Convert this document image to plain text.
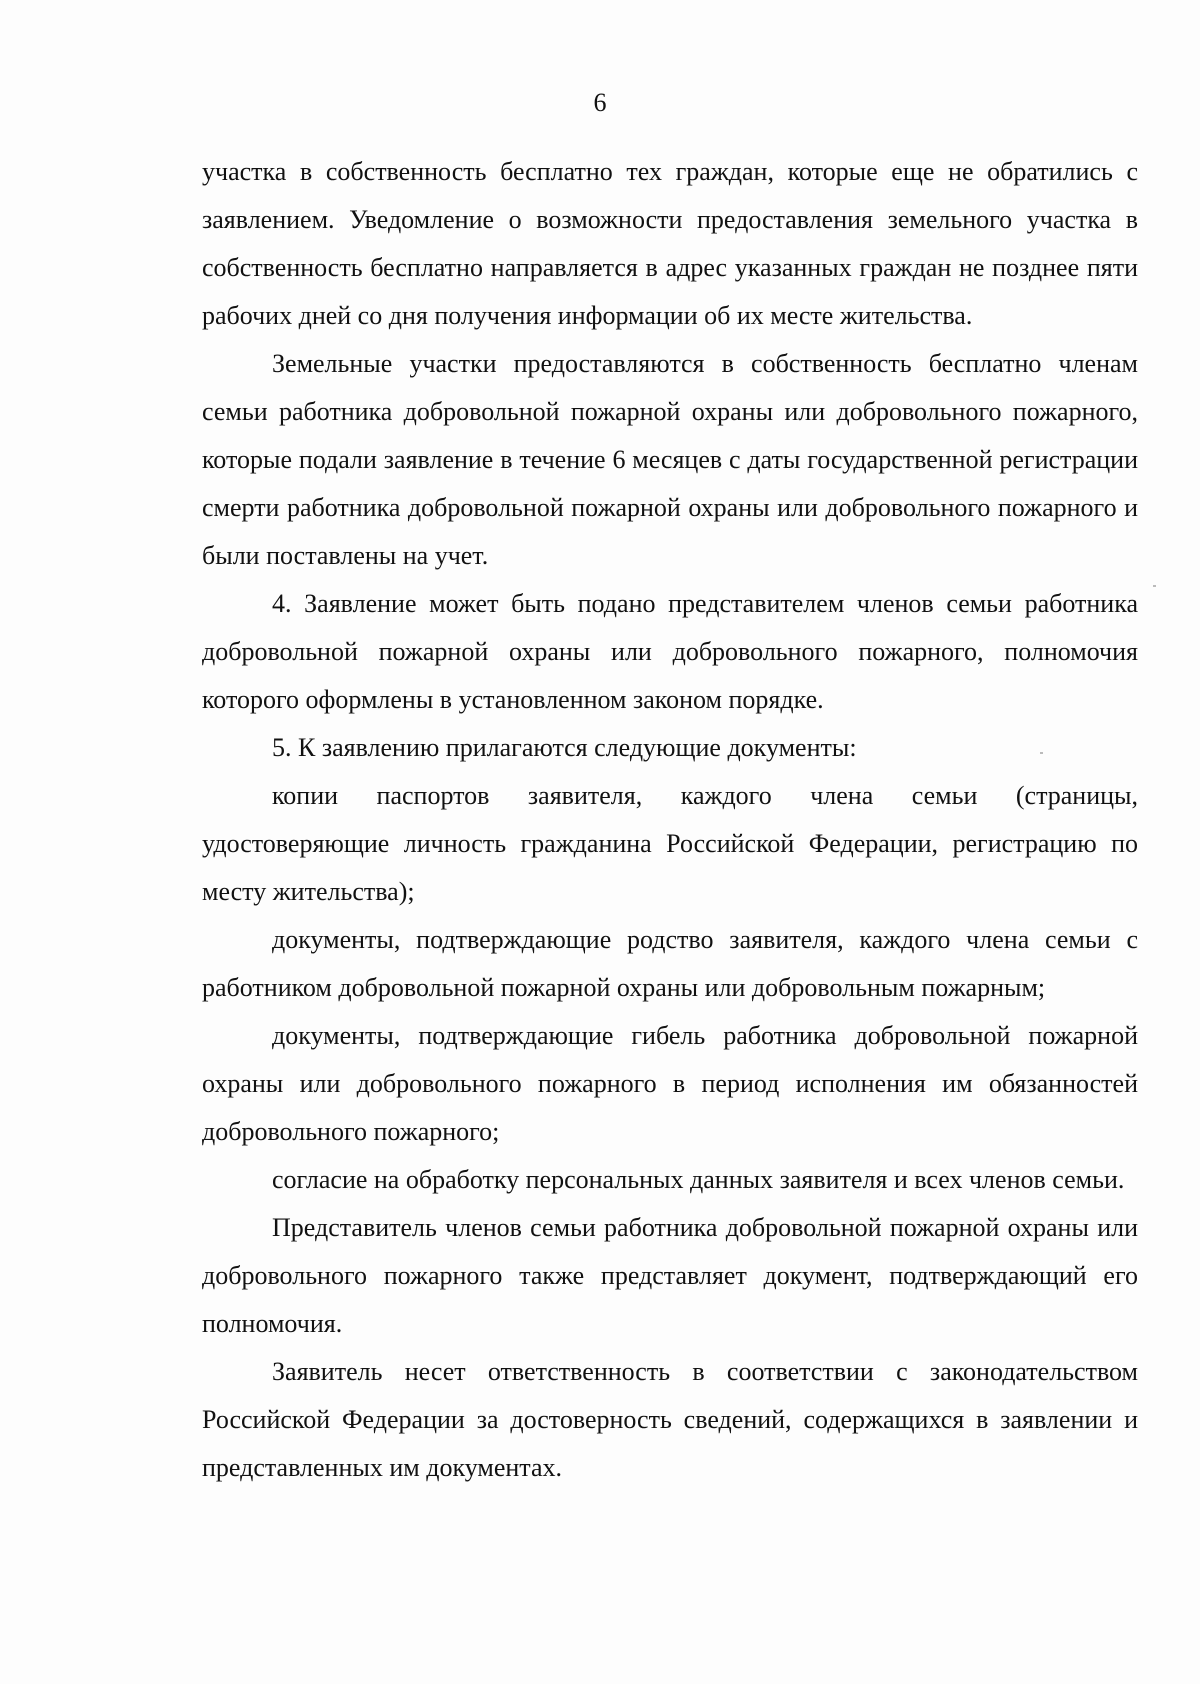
6

участка в собственность бесплатно тех граждан, которые еще не обратились с заявлением. Уведомление о возможности предоставления земельного участка в собственность бесплатно направляется в адрес указанных граждан не позднее пяти рабочих дней со дня получения информации об их месте жительства.

Земельные участки предоставляются в собственность бесплатно членам семьи работника добровольной пожарной охраны или добровольного пожарного, которые подали заявление в течение 6 месяцев с даты государственной регистрации смерти работника добровольной пожарной охраны или добровольного пожарного и были поставлены на учет.

4. Заявление может быть подано представителем членов семьи работника добровольной пожарной охраны или добровольного пожарного, полномочия которого оформлены в установленном законом порядке.

5. К заявлению прилагаются следующие документы:

копии паспортов заявителя, каждого члена семьи (страницы, удостоверяющие личность гражданина Российской Федерации, регистрацию по месту жительства);

документы, подтверждающие родство заявителя, каждого члена семьи с работником добровольной пожарной охраны или добровольным пожарным;

документы, подтверждающие гибель работника добровольной пожарной охраны или добровольного пожарного в период исполнения им обязанностей добровольного пожарного;

согласие на обработку персональных данных заявителя и всех членов семьи.

Представитель членов семьи работника добровольной пожарной охраны или добровольного пожарного также представляет документ, подтверждающий его полномочия.

Заявитель несет ответственность в соответствии с законодательством Российской Федерации за достоверность сведений, содержащихся в заявлении и представленных им документах.
